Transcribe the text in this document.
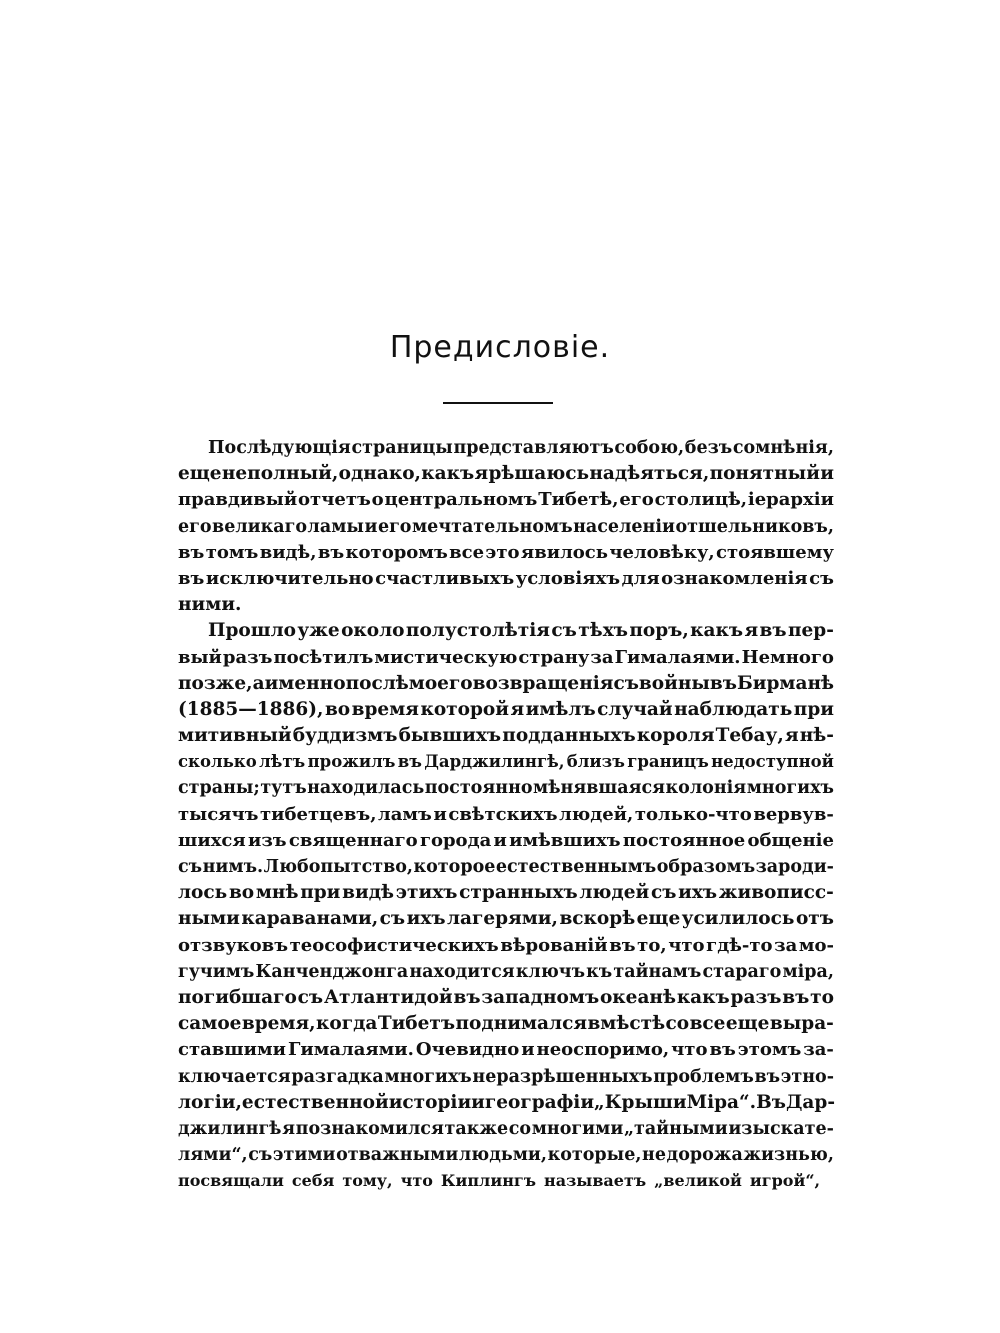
Предисловіе.
Послѣдующія страницы представляютъ собою, безъ сомнѣнія,
еще неполный, однако, какъ я рѣшаюсь надѣяться, понятный и
правдивый отчетъ о центральномъ Тибетѣ, его столицѣ, іерархіи
его великаго ламы и его мечтательномъ населеніи отшельниковъ,
въ томъ видѣ, въ которомъ все это явилось человѣку, стоявшему
въ исключительно счастливыхъ условіяхъ для ознакомленія съ
ними.
Прошло уже около полустолѣтія съ тѣхъ поръ, какъ я въ пер-
вый разъ посѣтилъ мистическую страну за Гималаями. Немного
позже, а именно послѣ моего возвращенія съ войны въ Бирманѣ
(1885—1886), во время которой я имѣлъ случай наблюдать при
митивный буддизмъ бывшихъ подданныхъ короля Тебау, я нѣ-
сколько лѣтъ прожилъ въ Дарджилингѣ, близъ границъ недоступной
страны; тутъ находилась постоянно мѣнявшаяся колонія многихъ
тысячъ тибетцевъ, ламъ и свѣтскихъ людей, только-что вервув-
шихся изъ священнаго города и имѣвшихъ постоянное общеніе
съ нимъ. Любопытство, которое естественнымъ образомъ зароди-
лось во мнѣ при видѣ этихъ странныхъ людей съ ихъ живописс-
ными караванами, съ ихъ лагерями, вскорѣ еще усилилось отъ
отзвуковъ теософистическихъ вѣрованій въ то, что гдѣ-то за мо-
гучимъ Канченджонга находится ключъ къ тайнамъ стараго міра,
погибшаго съ Атлантидой въ западномъ океанѣ какъ разъ въ то
самое время, когда Тибетъ поднимался вмѣстѣ со все еще выра-
ставшими Гималаями. Очевидно и неоспоримо, что въ этомъ за-
ключается разгадка многихъ неразрѣшенныхъ проблемъ въ этно-
логіи, естественной исторіи и географіи „Крыши Міра“. Въ Дар-
джилингѣ я познакомился также со многими „тайными изыскате-
лями“, съ этими отважными людьми, которые, не дорожа жизнью,
посвящали себя тому, что Киплингъ называетъ „великой игрой“,
